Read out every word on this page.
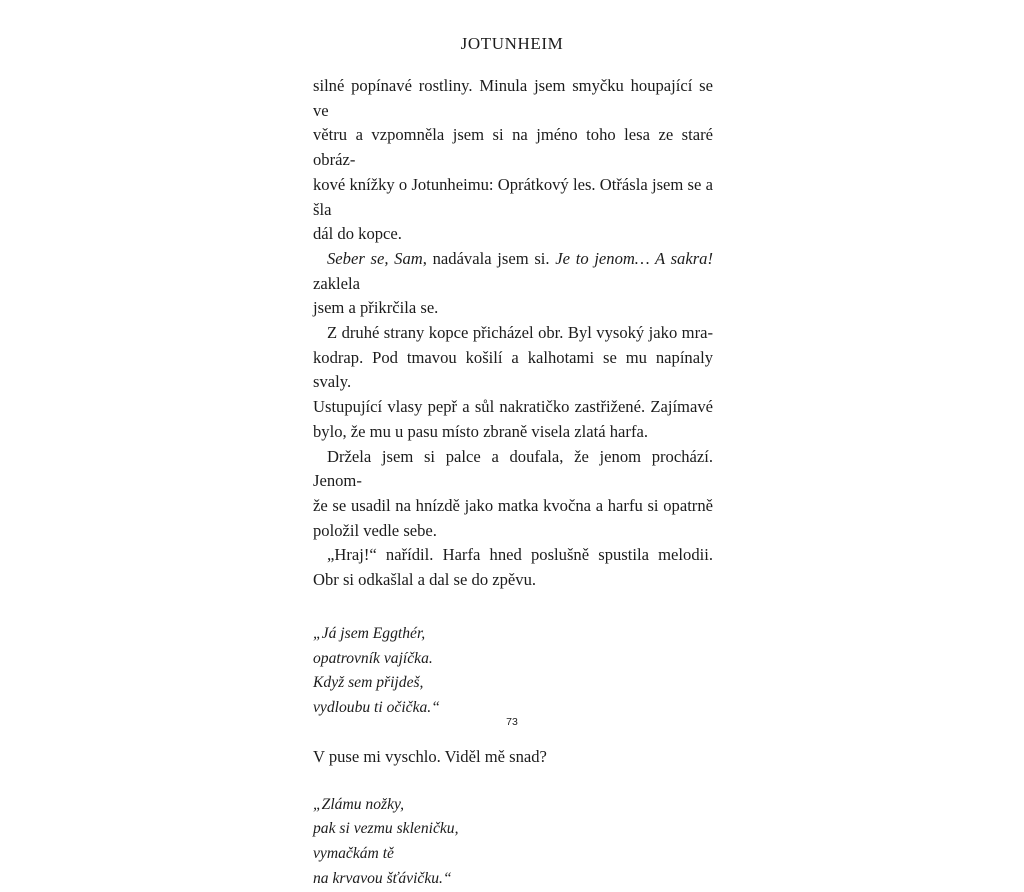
JOTUNHEIM

silné popínavé rostliny. Minula jsem smyčku houpající se ve
větru a vzpomněla jsem si na jméno toho lesa ze staré obráz-
kové knížky o Jotunheimu: Oprátkový les. Otřásla jsem se a šla
dál do kopce.

Seber se, Sam, nadávala jsem si. Je to jenom… A sakra! zaklela
jsem a přikrčila se.

Z druhé strany kopce přicházel obr. Byl vysoký jako mra-
kodrap. Pod tmavou košilí a kalhotami se mu napínaly svaly.
Ustupující vlasy pepř a sůl nakratičko zastřižené. Zajímavé
bylo, že mu u pasu místo zbraně visela zlatá harfa.

Držela jsem si palce a doufala, že jenom prochází. Jenom-
že se usadil na hnízdě jako matka kvočna a harfu si opatrně
položil vedle sebe.

„Hraj!“ nařídil. Harfa hned poslušně spustila melodii.
Obr si odkašlal a dal se do zpěvu.

„Já jsem Eggthér,
opatrovník vajíčka.
Když sem přijdeš,
vydloubu ti očička.“

V puse mi vyschlo. Viděl mě snad?

„Zlámu nožky,
pak si vezmu skleničku,
vymačkám tě
na krvavou šťávičku.“
73
